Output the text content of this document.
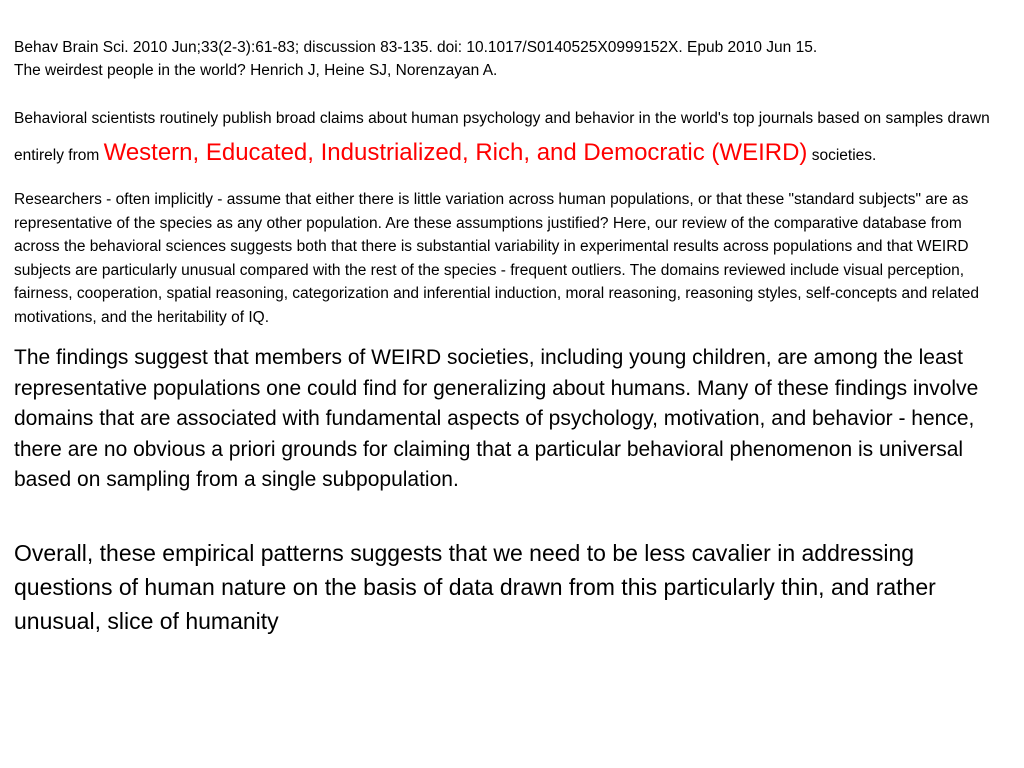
Behav Brain Sci. 2010 Jun;33(2-3):61-83; discussion 83-135. doi: 10.1017/S0140525X0999152X. Epub 2010 Jun 15.
The weirdest people in the world? Henrich J, Heine SJ, Norenzayan A.

Behavioral scientists routinely publish broad claims about human psychology and behavior in the world's top journals based on samples drawn entirely from Western, Educated, Industrialized, Rich, and Democratic (WEIRD) societies.

Researchers - often implicitly - assume that either there is little variation across human populations, or that these "standard subjects" are as representative of the species as any other population. Are these assumptions justified? Here, our review of the comparative database from across the behavioral sciences suggests both that there is substantial variability in experimental results across populations and that WEIRD subjects are particularly unusual compared with the rest of the species - frequent outliers. The domains reviewed include visual perception, fairness, cooperation, spatial reasoning, categorization and inferential induction, moral reasoning, reasoning styles, self-concepts and related motivations, and the heritability of IQ.

The findings suggest that members of WEIRD societies, including young children, are among the least representative populations one could find for generalizing about humans. Many of these findings involve domains that are associated with fundamental aspects of psychology, motivation, and behavior - hence, there are no obvious a priori grounds for claiming that a particular behavioral phenomenon is universal based on sampling from a single subpopulation.

Overall, these empirical patterns suggests that we need to be less cavalier in addressing questions of human nature on the basis of data drawn from this particularly thin, and rather unusual, slice of humanity
